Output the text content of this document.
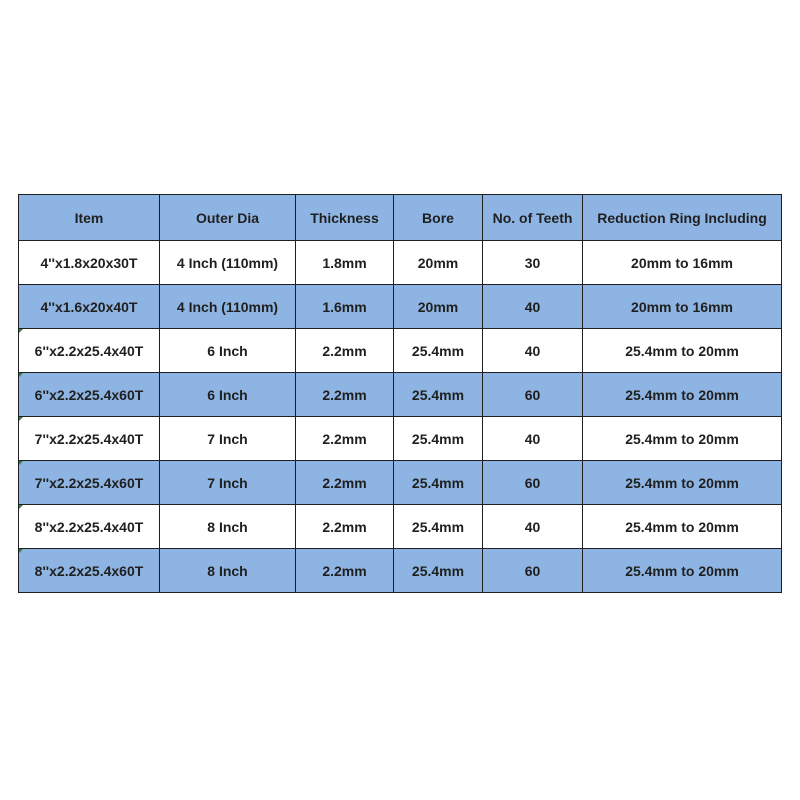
Item	Outer Dia	Thickness	Bore	No. of Teeth	Reduction Ring Including
4''x1.8x20x30T	4 Inch (110mm)	1.8mm	20mm	30	20mm to 16mm
4''x1.6x20x40T	4 Inch (110mm)	1.6mm	20mm	40	20mm to 16mm

6''x2.2x25.4x40T	6 Inch	2.2mm	25.4mm	40	25.4mm to 20mm

6''x2.2x25.4x60T	6 Inch	2.2mm	25.4mm	60	25.4mm to 20mm

7''x2.2x25.4x40T	7 Inch	2.2mm	25.4mm	40	25.4mm to 20mm

7''x2.2x25.4x60T	7 Inch	2.2mm	25.4mm	60	25.4mm to 20mm

8''x2.2x25.4x40T	8 Inch	2.2mm	25.4mm	40	25.4mm to 20mm

8''x2.2x25.4x60T	8 Inch	2.2mm	25.4mm	60	25.4mm to 20mm
